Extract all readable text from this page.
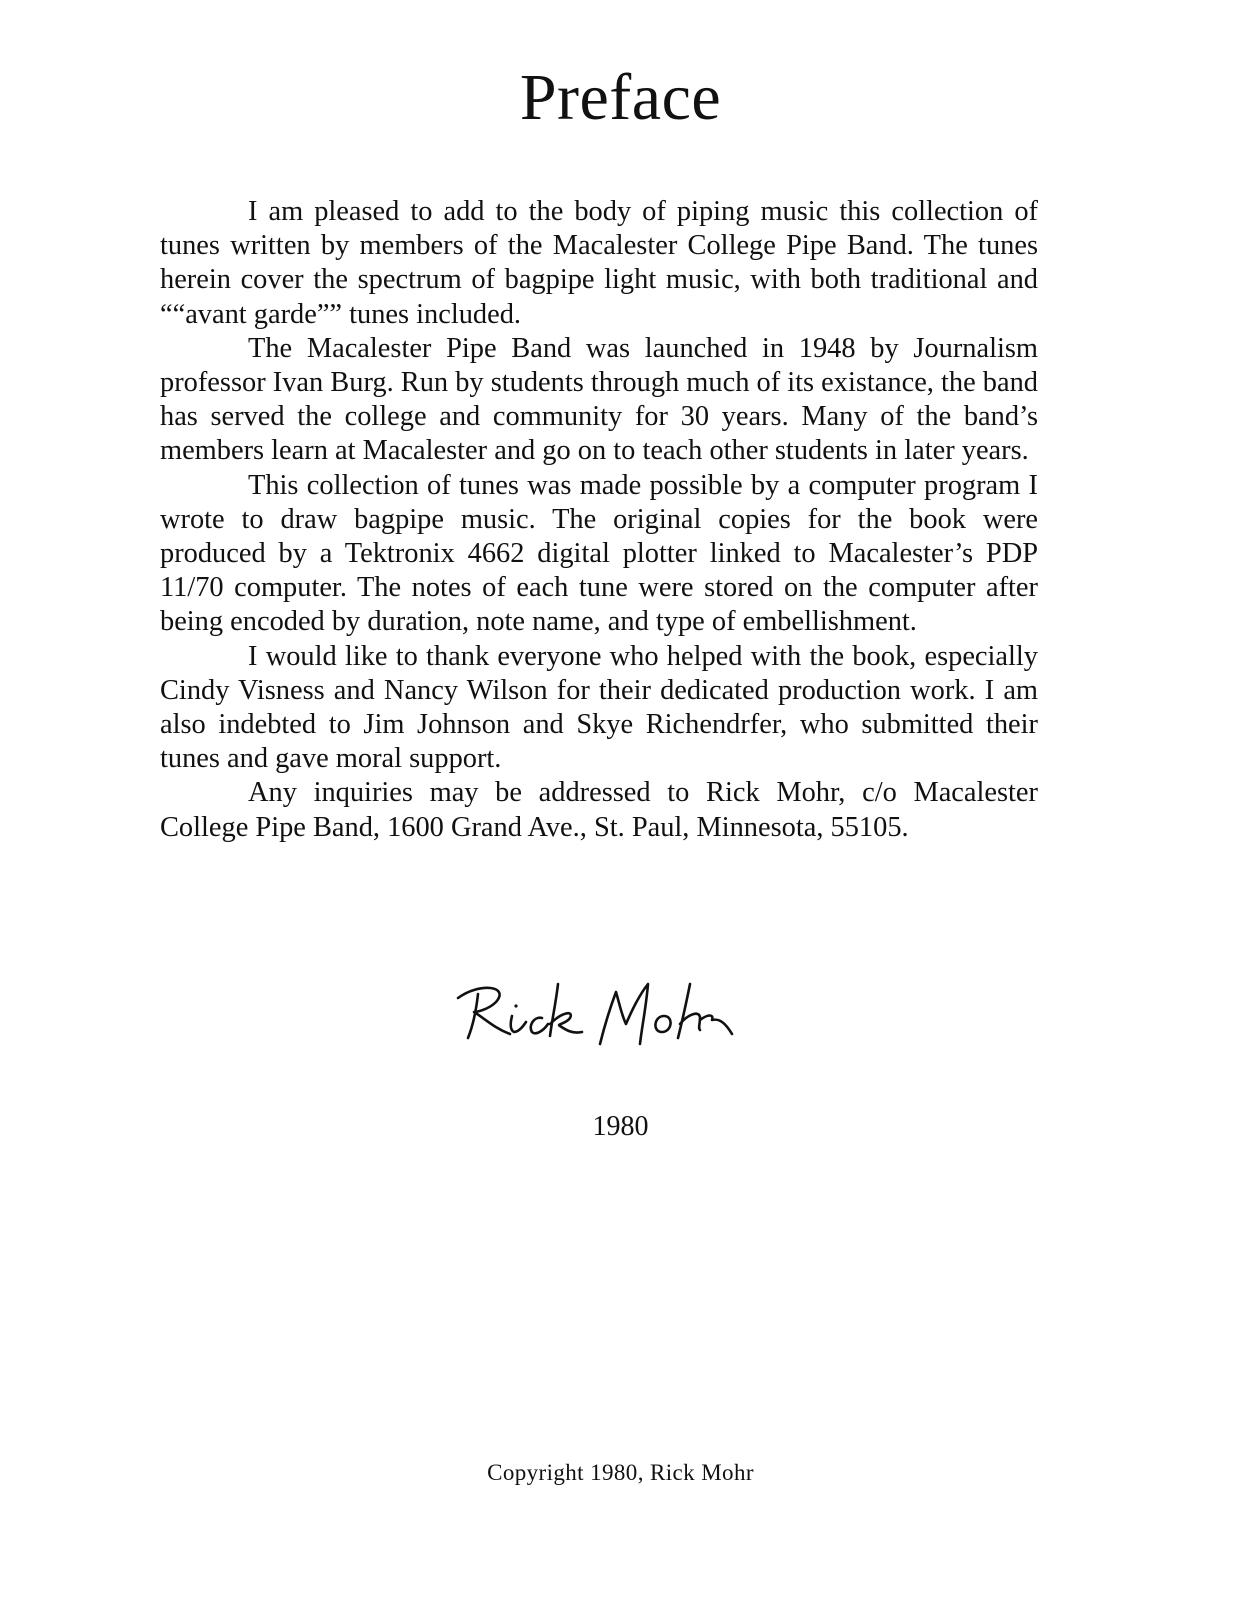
Preface

I am pleased to add to the body of piping music this collection of tunes written by members of the Macalester College Pipe Band. The tunes herein cover the spectrum of bagpipe light music, with both traditional and ““avant garde”” tunes included.

The Macalester Pipe Band was launched in 1948 by Journalism professor Ivan Burg. Run by students through much of its existance, the band has served the college and community for 30 years. Many of the band’s members learn at Macalester and go on to teach other students in later years.

This collection of tunes was made possible by a computer program I wrote to draw bagpipe music. The original copies for the book were produced by a Tektronix 4662 digital plotter linked to Macalester’s PDP 11/70 computer. The notes of each tune were stored on the computer after being encoded by duration, note name, and type of embellishment.

I would like to thank everyone who helped with the book, especially Cindy Visness and Nancy Wilson for their dedicated production work. I am also indebted to Jim Johnson and Skye Richendrfer, who submitted their tunes and gave moral support.

Any inquiries may be addressed to Rick Mohr, c/o Macalester College Pipe Band, 1600 Grand Ave., St. Paul, Minnesota, 55105.

1980
Copyright 1980, Rick Mohr
